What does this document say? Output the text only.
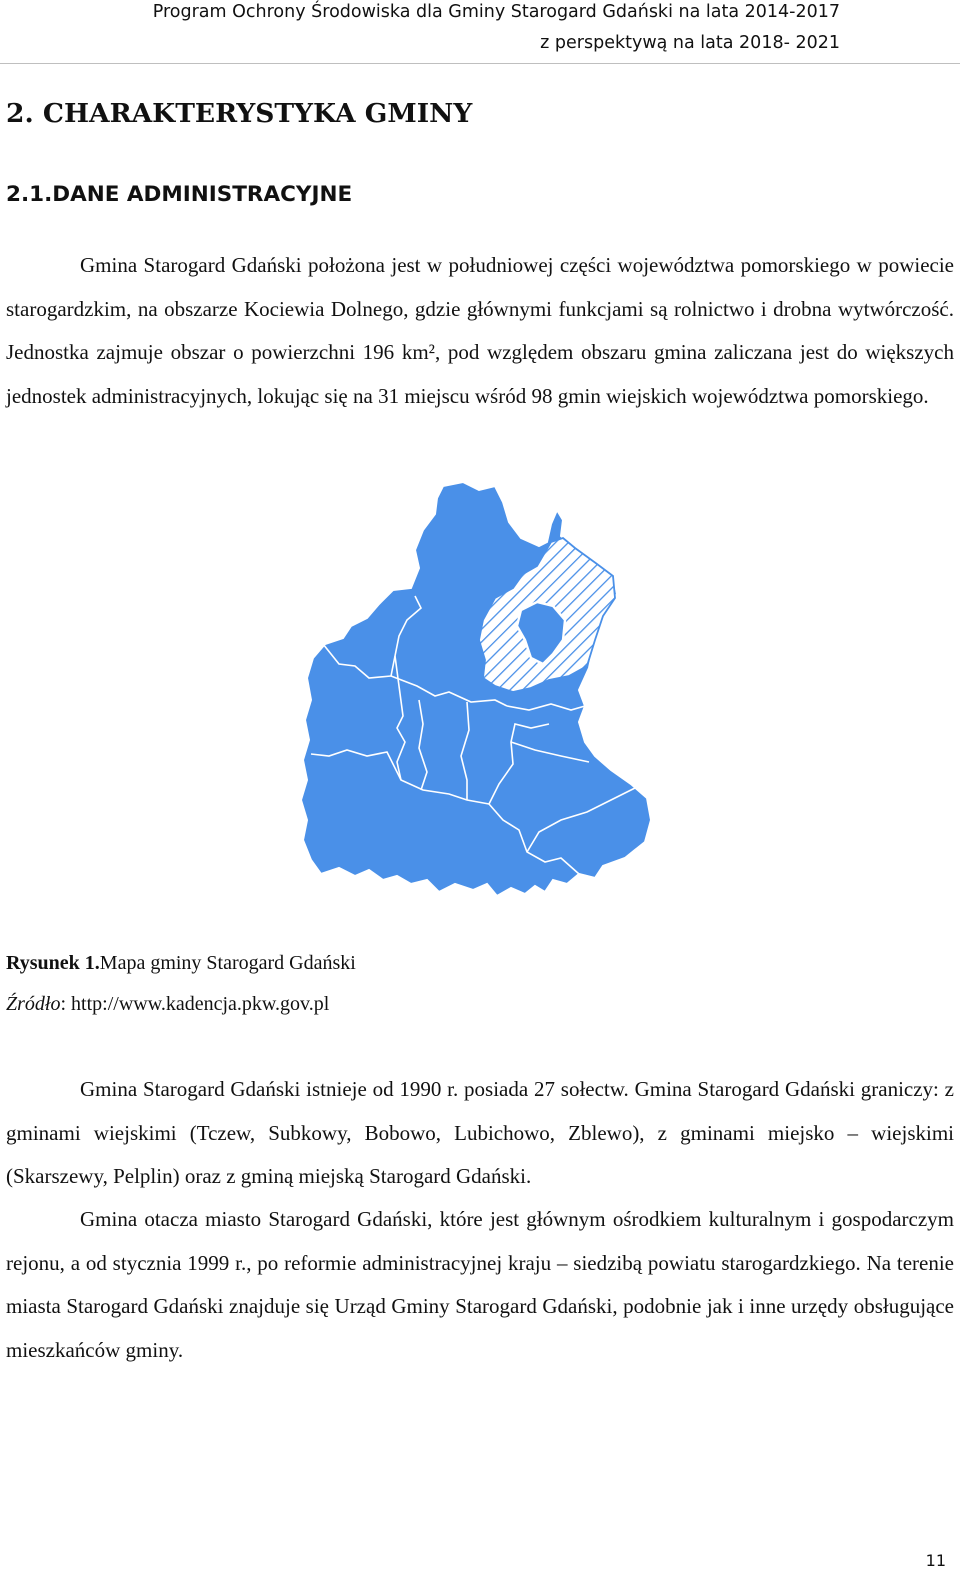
Program Ochrony Środowiska dla Gminy Starogard Gdański na lata 2014-2017
z perspektywą na lata 2018- 2021
2. CHARAKTERYSTYKA GMINY
2.1.DANE ADMINISTRACYJNE

Gmina Starogard Gdański położona jest w południowej części województwa pomorskiego w powiecie starogardzkim, na obszarze Kociewia Dolnego, gdzie głównymi funkcjami są rolnictwo i drobna wytwórczość. Jednostka zajmuje obszar o powierzchni 196 km², pod względem obszaru gmina zaliczana jest do większych jednostek administracyjnych, lokując się na 31 miejscu wśród 98 gmin wiejskich województwa pomorskiego.

Rysunek 1.Mapa gminy Starogard Gdański
Źródło: http://www.kadencja.pkw.gov.pl

Gmina Starogard Gdański istnieje od 1990 r. posiada 27 sołectw. Gmina Starogard Gdański graniczy: z gminami wiejskimi (Tczew, Subkowy, Bobowo, Lubichowo, Zblewo), z gminami miejsko – wiejskimi (Skarszewy, Pelplin) oraz z gminą miejską Starogard Gdański.

Gmina otacza miasto Starogard Gdański, które jest głównym ośrodkiem kulturalnym i gospodarczym rejonu, a od stycznia 1999 r., po reformie administracyjnej kraju – siedzibą powiatu starogardzkiego. Na terenie miasta Starogard Gdański znajduje się Urząd Gminy Starogard Gdański, podobnie jak i inne urzędy obsługujące mieszkańców gminy.

11
